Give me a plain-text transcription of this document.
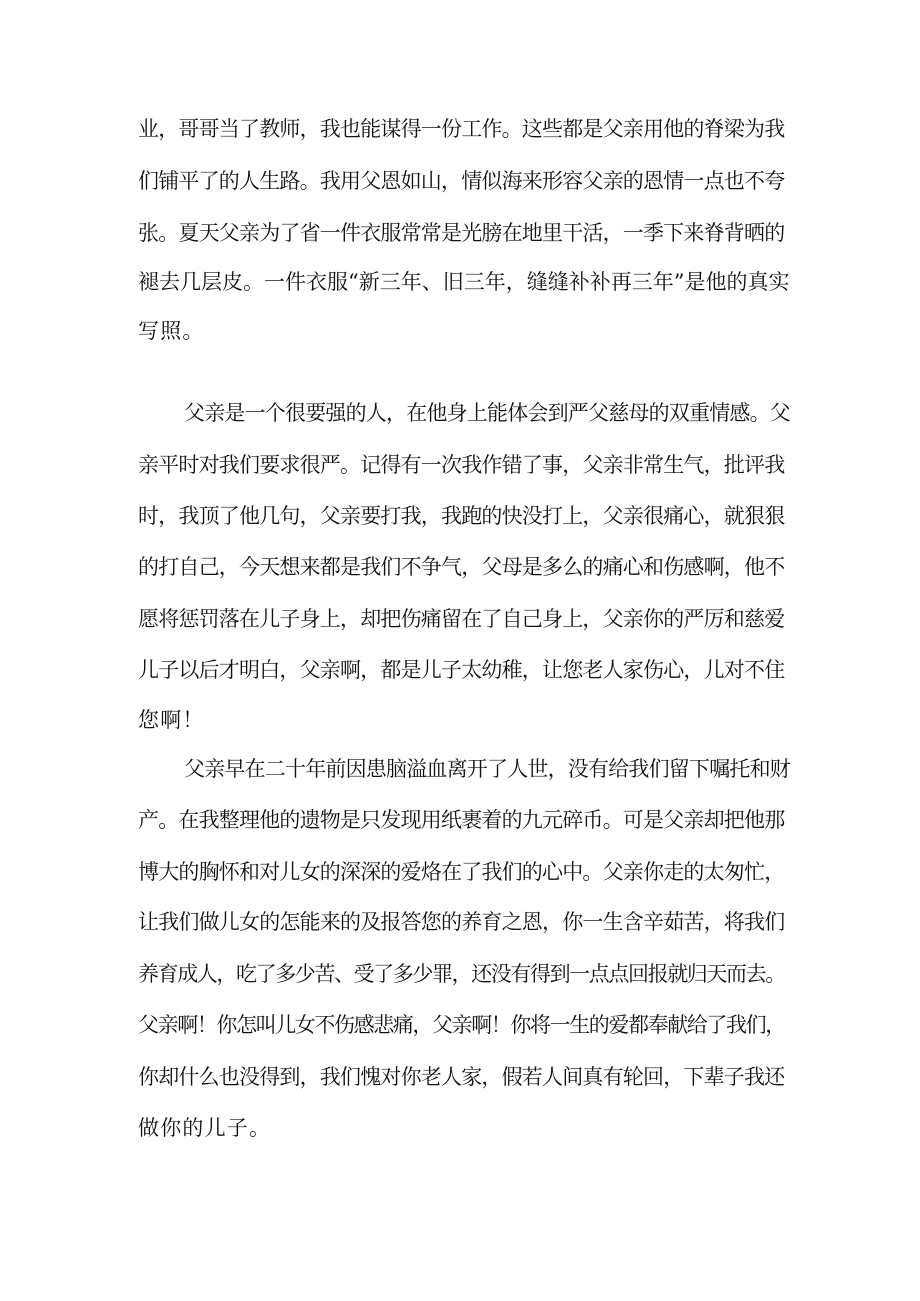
业，哥哥当了教师，我也能谋得一份工作。这些都是父亲用他的脊梁为我
们铺平了的人生路。我用父恩如山，情似海来形容父亲的恩情一点也不夸
张。夏天父亲为了省一件衣服常常是光膀在地里干活，一季下来脊背晒的
褪去几层皮。一件衣服“新三年、旧三年，缝缝补补再三年”是他的真实
写照。
父亲是一个很要强的人，在他身上能体会到严父慈母的双重情感。父
亲平时对我们要求很严。记得有一次我作错了事，父亲非常生气，批评我
时，我顶了他几句，父亲要打我，我跑的快没打上，父亲很痛心，就狠狠
的打自己，今天想来都是我们不争气，父母是多么的痛心和伤感啊，他不
愿将惩罚落在儿子身上，却把伤痛留在了自己身上，父亲你的严厉和慈爱
儿子以后才明白，父亲啊，都是儿子太幼稚，让您老人家伤心，儿对不住
您啊！
父亲早在二十年前因患脑溢血离开了人世，没有给我们留下嘱托和财
产。在我整理他的遗物是只发现用纸裹着的九元碎币。可是父亲却把他那
博大的胸怀和对儿女的深深的爱烙在了我们的心中。父亲你走的太匆忙，
让我们做儿女的怎能来的及报答您的养育之恩，你一生含辛茹苦，将我们
养育成人，吃了多少苦、受了多少罪，还没有得到一点点回报就归天而去。
父亲啊！你怎叫儿女不伤感悲痛，父亲啊！你将一生的爱都奉献给了我们，
你却什么也没得到，我们愧对你老人家，假若人间真有轮回，下辈子我还
做你的儿子。
